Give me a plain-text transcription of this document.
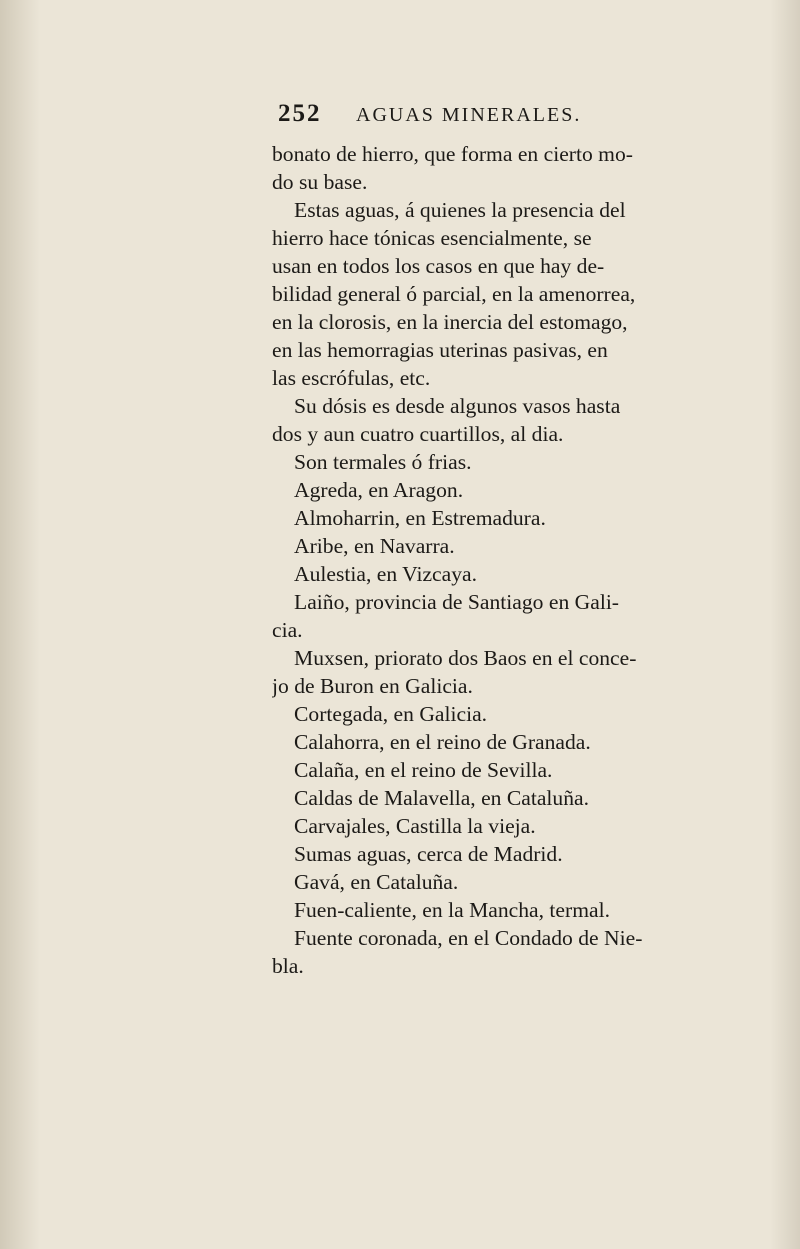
252 AGUAS MINERALES.
bonato de hierro, que forma en cierto mo-
do su base.
Estas aguas, á quienes la presencia del
hierro hace tónicas esencialmente, se
usan en todos los casos en que hay de-
bilidad general ó parcial, en la amenorrea,
en la clorosis, en la inercia del estomago,
en las hemorragias uterinas pasivas, en
las escrófulas, etc.
Su dósis es desde algunos vasos hasta
dos y aun cuatro cuartillos, al dia.
Son termales ó frias.
Agreda, en Aragon.
Almoharrin, en Estremadura.
Aribe, en Navarra.
Aulestia, en Vizcaya.
Laiño, provincia de Santiago en Gali-
cia.
Muxsen, priorato dos Baos en el conce-
jo de Buron en Galicia.
Cortegada, en Galicia.
Calahorra, en el reino de Granada.
Calaña, en el reino de Sevilla.
Caldas de Malavella, en Cataluña.
Carvajales, Castilla la vieja.
Sumas aguas, cerca de Madrid.
Gavá, en Cataluña.
Fuen-caliente, en la Mancha, termal.
Fuente coronada, en el Condado de Nie-
bla.
